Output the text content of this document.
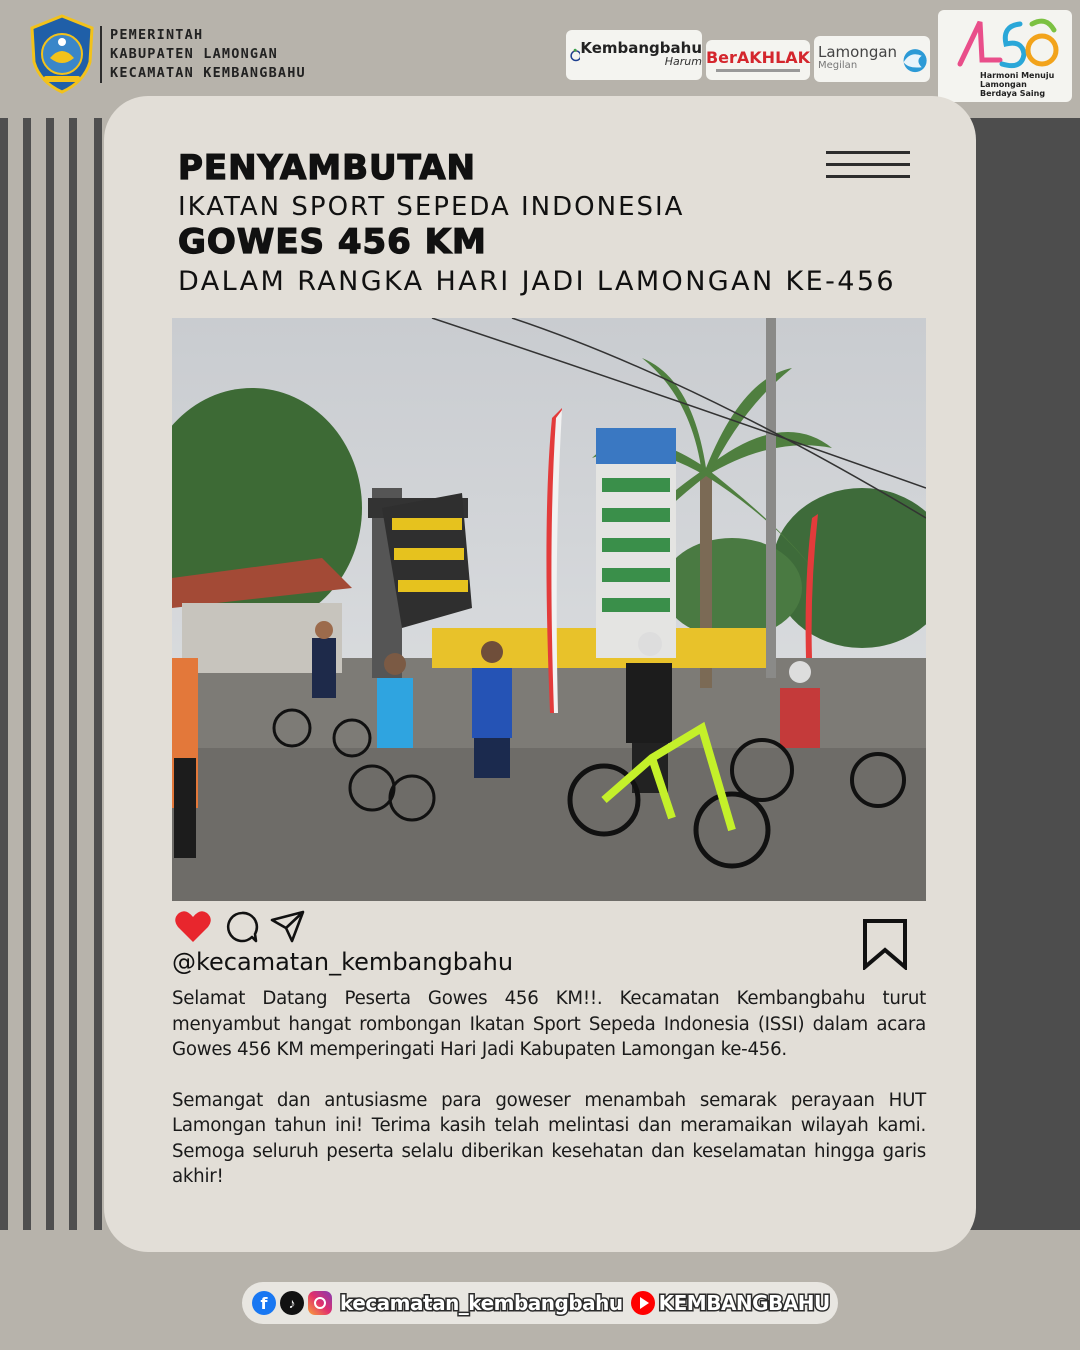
PEMERINTAH
KABUPATEN LAMONGAN
KECAMATAN KEMBANGBAHU
Kembangbahu
Harum BerAKHLAK Lamongan
Megilan
Harmoni Menuju
Lamongan Berdaya Saing
PENYAMBUTAN
IKATAN SPORT SEPEDA INDONESIA
GOWES 456 KM
DALAM RANGKA HARI JADI LAMONGAN KE-456
@kecamatan_kembangbahu

Selamat Datang Peserta Gowes 456 KM!!. Kecamatan Kembangbahu turut menyambut hangat rombongan Ikatan Sport Sepeda Indonesia (ISSI) dalam acara Gowes 456 KM memperingati Hari Jadi Kabupaten Lamongan ke-456.

Semangat dan antusiasme para goweser menambah semarak perayaan HUT Lamongan tahun ini! Terima kasih telah melintasi dan meramaikan wilayah kami. Semoga seluruh peserta selalu diberikan kesehatan dan keselamatan hingga garis akhir!

f ♪ kecamatan_kembangbahu KEMBANGBAHU
